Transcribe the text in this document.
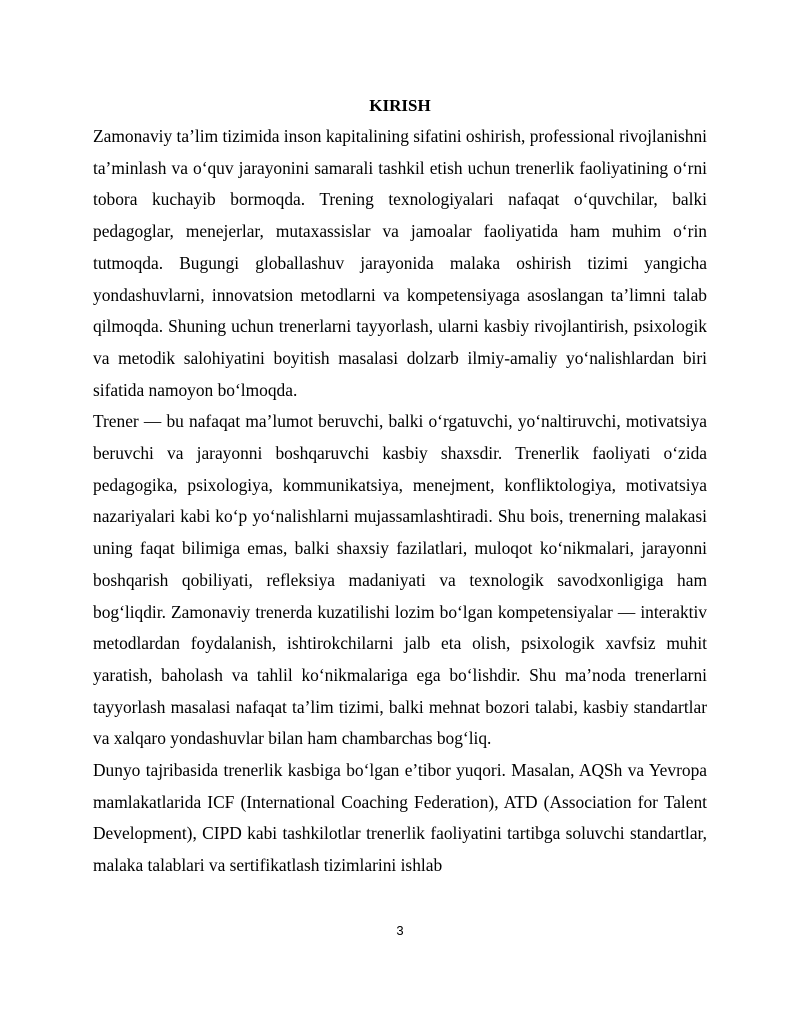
KIRISH

Zamonaviy ta’lim tizimida inson kapitalining sifatini oshirish, professional rivojlanishni ta’minlash va o‘quv jarayonini samarali tashkil etish uchun trenerlik faoliyatining o‘rni tobora kuchayib bormoqda. Trening texnologiyalari nafaqat o‘quvchilar, balki pedagoglar, menejerlar, mutaxassislar va jamoalar faoliyatida ham muhim o‘rin tutmoqda. Bugungi globallashuv jarayonida malaka oshirish tizimi yangicha yondashuvlarni, innovatsion metodlarni va kompetensiyaga asoslangan ta’limni talab qilmoqda. Shuning uchun trenerlarni tayyorlash, ularni kasbiy rivojlantirish, psixologik va metodik salohiyatini boyitish masalasi dolzarb ilmiy-amaliy yo‘nalishlardan biri sifatida namoyon bo‘lmoqda.

Trener — bu nafaqat ma’lumot beruvchi, balki o‘rgatuvchi, yo‘naltiruvchi, motivatsiya beruvchi va jarayonni boshqaruvchi kasbiy shaxsdir. Trenerlik faoliyati o‘zida pedagogika, psixologiya, kommunikatsiya, menejment, konfliktologiya, motivatsiya nazariyalari kabi ko‘p yo‘nalishlarni mujassamlashtiradi. Shu bois, trenerning malakasi uning faqat bilimiga emas, balki shaxsiy fazilatlari, muloqot ko‘nikmalari, jarayonni boshqarish qobiliyati, refleksiya madaniyati va texnologik savodxonligiga ham bog‘liqdir. Zamonaviy trenerda kuzatilishi lozim bo‘lgan kompetensiyalar — interaktiv metodlardan foydalanish, ishtirokchilarni jalb eta olish, psixologik xavfsiz muhit yaratish, baholash va tahlil ko‘nikmalariga ega bo‘lishdir. Shu ma’noda trenerlarni tayyorlash masalasi nafaqat ta’lim tizimi, balki mehnat bozori talabi, kasbiy standartlar va xalqaro yondashuvlar bilan ham chambarchas bog‘liq.

Dunyo tajribasida trenerlik kasbiga bo‘lgan e’tibor yuqori. Masalan, AQSh va Yevropa mamlakatlarida ICF (International Coaching Federation), ATD (Association for Talent Development), CIPD kabi tashkilotlar trenerlik faoliyatini tartibga soluvchi standartlar, malaka talablari va sertifikatlash tizimlarini ishlab

3
